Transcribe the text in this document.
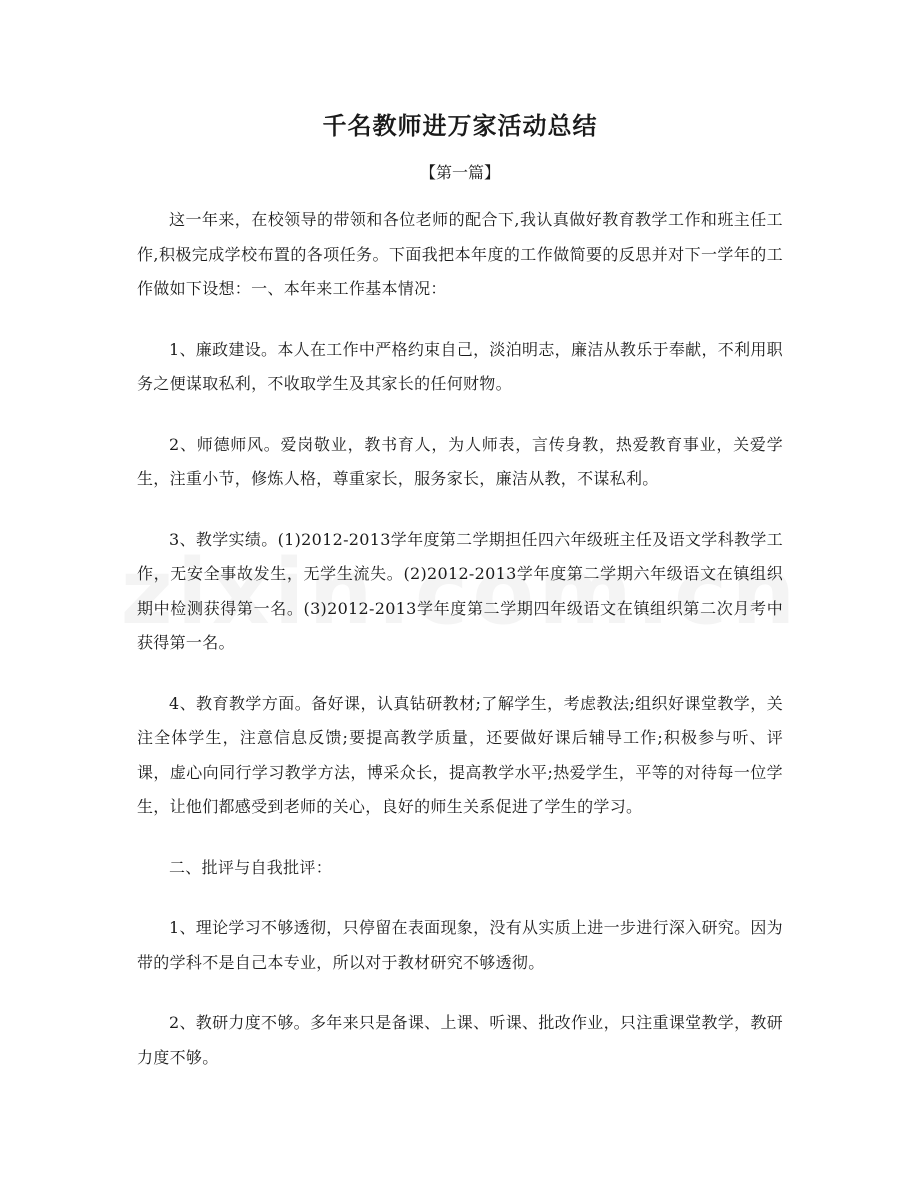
千名教师进万家活动总结
【第一篇】

这一年来，在校领导的带领和各位老师的配合下,我认真做好教育教学工作和班主任工作,积极完成学校布置的各项任务。下面我把本年度的工作做简要的反思并对下一学年的工作做如下设想：一、本年来工作基本情况：

1、廉政建设。本人在工作中严格约束自己，淡泊明志，廉洁从教乐于奉献，不利用职务之便谋取私利，不收取学生及其家长的任何财物。

2、师德师风。爱岗敬业，教书育人，为人师表，言传身教，热爱教育事业，关爱学生，注重小节，修炼人格，尊重家长，服务家长，廉洁从教，不谋私利。

3、教学实绩。(1)2012-2013学年度第二学期担任四六年级班主任及语文学科教学工作，无安全事故发生，无学生流失。(2)2012-2013学年度第二学期六年级语文在镇组织期中检测获得第一名。(3)2012-2013学年度第二学期四年级语文在镇组织第二次月考中获得第一名。

4、教育教学方面。备好课，认真钻研教材;了解学生，考虑教法;组织好课堂教学，关注全体学生，注意信息反馈;要提高教学质量，还要做好课后辅导工作;积极参与听、评课，虚心向同行学习教学方法，博采众长，提高教学水平;热爱学生，平等的对待每一位学生，让他们都感受到老师的关心，良好的师生关系促进了学生的学习。

二、批评与自我批评：

1、理论学习不够透彻，只停留在表面现象，没有从实质上进一步进行深入研究。因为带的学科不是自己本专业，所以对于教材研究不够透彻。

2、教研力度不够。多年来只是备课、上课、听课、批改作业，只注重课堂教学，教研力度不够。
